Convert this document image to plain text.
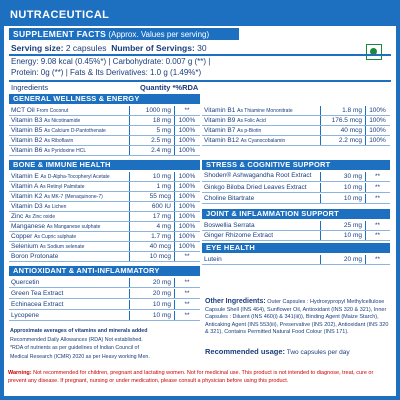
NUTRACEUTICAL
SUPPLEMENT FACTS (Approx. Values per serving)
Serving size: 2 capsules Number of Servings: 30
Energy: 9.08 kcal (0.45%*) | Carbohydrate: 0.007 g (**) |
Protein: 0g (**) | Fats & Its Derivatives: 1.0 g (1.49%*)
Ingredients	Quantity *%RDA
GENERAL WELLNESS & ENERGY
MCT Oil From Coconut	1000 mg	**
Vitamin B3 As Nicotinamide	18 mg	100%
Vitamin B5 As Calcium D-Pantothenate	5 mg	100%
Vitamin B2 As Riboflavin	2.5 mg	100%
Vitamin B6 As Pyridoxine HCL	2.4 mg	100%
Vitamin B1 As Thiamine Mononitrate	1.8 mg	100%
Vitamin B9 As Folic Acid	176.5 mcg	100%
Vitamin B7 As p-Biotin	40 mcg	100%
Vitamin B12 As Cyanocobalamin	2.2 mcg	100%
BONE & IMMUNE HEALTH
Vitamin E As D-Alpha-Tocopheryl Acetate	10 mg	100%
Vitamin A As Retinyl Palmitate	1 mg	100%
Vitamin K2 As MK-7 (Menaquinone-7)	55 mcg	100%
Vitamin D3 As Lichen	600 IU	100%
Zinc As Zinc oxide	17 mg	100%
Manganese As Manganese sulphate	4 mg	100%
Copper As Cupric sulphate	1.7 mg	100%
Selenium As Sodium selenate	40 mcg	100%
Boron Protonate	10 mcg	**
STRESS & COGNITIVE SUPPORT
Shoden® Ashwagandha Root Extract	30 mg	**
Ginkgo Biloba Dried Leaves Extract	10 mg	**
Choline Bitartrate	10 mg	**
JOINT & INFLAMMATION SUPPORT
Boswellia Serrata	25 mg	**
Ginger Rhizome Extract	10 mg	**
EYE HEALTH
Lutein	20 mg	**
ANTIOXIDANT & ANTI-INFLAMMATORY
Quercetin	20 mg	**
Green Tea Extract	20 mg	**
Echinacea Extract	10 mg	**
Lycopene	10 mg	**
Other Ingredients: Outer Capsules : Hydroxypropyl Methylcellulose Capsule Shell (INS 464), Sunflower Oil, Antioxidant (INS 320 & 321), Inner Capsules : Diluent (INS 460(i) & 341(iii)), Binding Agent (Maize Starch), Anticaking Agent (INS 553(iii), Preservative (INS 202), Antioxidant (INS 320 & 321), Contains Permitted Natural Food Colour (INS 171).
Recommended usage: Two capsules per day
Approximate averages of vitamins and minerals added
Recommended Daily Allowances (RDA) Not established.
*RDA of nutrients as per guidelines of Indian Council of
Medical Research (ICMR) 2020 as per Heavy working Men.
Warning: Not recommended for children, pregnant and lactating women. Not for medicinal use. This product is not intended to diagnose, treat, cure or prevent any disease. If pregnant, nursing or under medication, please consult a physician before using this product.
